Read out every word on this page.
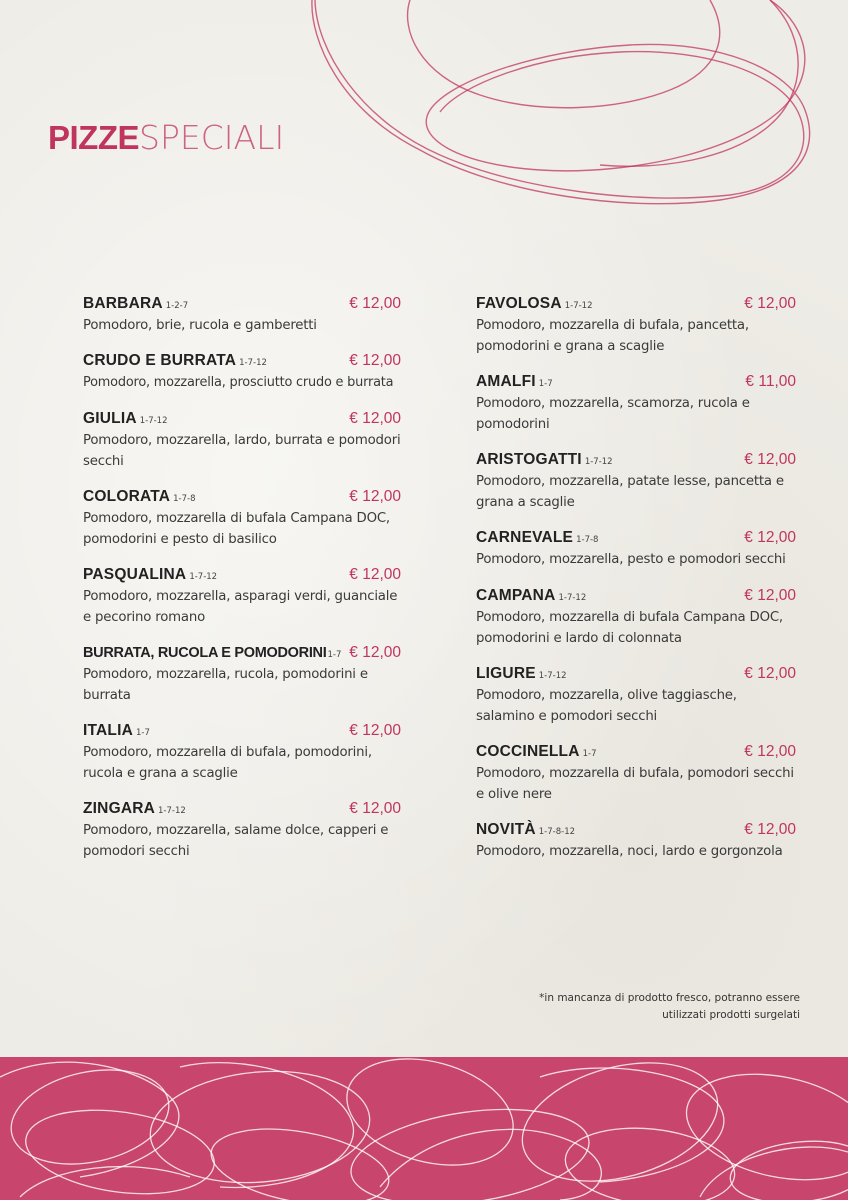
PIZZESPECIALI
BARBARA 1-2-7	€ 12,00
Pomodoro, brie, rucola e gamberetti
CRUDO E BURRATA 1-7-12	€ 12,00
Pomodoro, mozzarella, prosciutto crudo e burrata
GIULIA 1-7-12	€ 12,00
Pomodoro, mozzarella, lardo, burrata e pomodori secchi
COLORATA 1-7-8	€ 12,00
Pomodoro, mozzarella di bufala Campana DOC, pomodorini e pesto di basilico
PASQUALINA 1-7-12	€ 12,00
Pomodoro, mozzarella, asparagi verdi, guanciale e pecorino romano
BURRATA, RUCOLA E POMODORINI1-7 € 12,00
Pomodoro, mozzarella, rucola, pomodorini e burrata
ITALIA 1-7	€ 12,00
Pomodoro, mozzarella di bufala, pomodorini, rucola e grana a scaglie
ZINGARA 1-7-12	€ 12,00
Pomodoro, mozzarella, salame dolce, capperi e pomodori secchi
FAVOLOSA 1-7-12	€ 12,00
Pomodoro, mozzarella di bufala, pancetta, pomodorini e grana a scaglie
AMALFI 1-7	€ 11,00
Pomodoro, mozzarella, scamorza, rucola e pomodorini
ARISTOGATTI 1-7-12	€ 12,00
Pomodoro, mozzarella, patate lesse, pancetta e grana a scaglie
CARNEVALE 1-7-8	€ 12,00
Pomodoro, mozzarella, pesto e pomodori secchi
CAMPANA 1-7-12	€ 12,00
Pomodoro, mozzarella di bufala Campana DOC, pomodorini e lardo di colonnata
LIGURE 1-7-12	€ 12,00
Pomodoro, mozzarella, olive taggiasche, salamino e pomodori secchi
COCCINELLA 1-7	€ 12,00
Pomodoro, mozzarella di bufala, pomodori secchi e olive nere
NOVITÀ 1-7-8-12	€ 12,00
Pomodoro, mozzarella, noci, lardo e gorgonzola
*in mancanza di prodotto fresco, potranno essere
utilizzati prodotti surgelati
